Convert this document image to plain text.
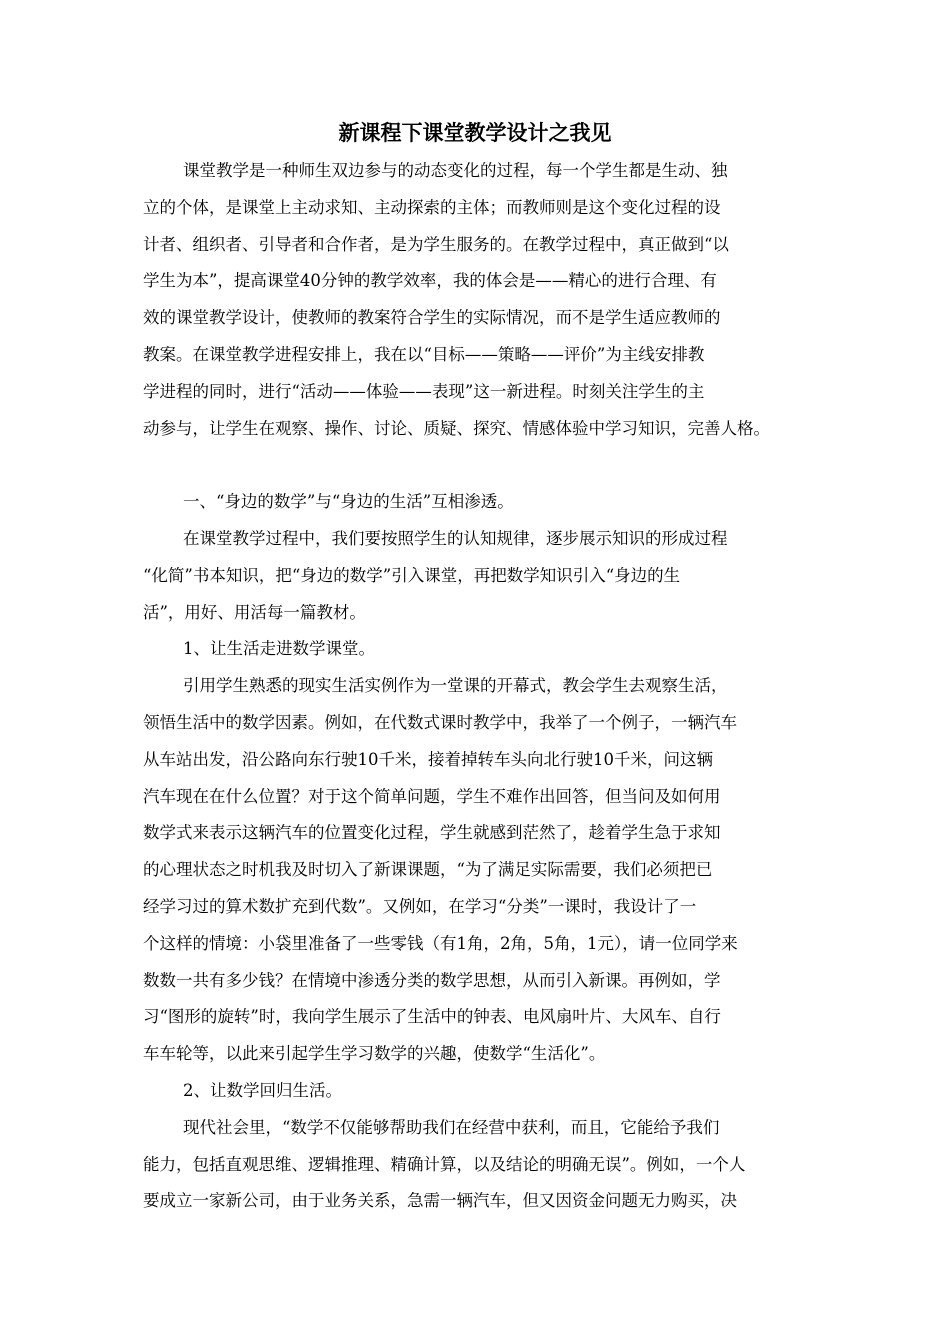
新课程下课堂教学设计之我见
课堂教学是一种师生双边参与的动态变化的过程，每一个学生都是生动、独
立的个体，是课堂上主动求知、主动探索的主体；而教师则是这个变化过程的设
计者、组织者、引导者和合作者，是为学生服务的。在教学过程中，真正做到“以
学生为本”，提高课堂40分钟的教学效率，我的体会是——精心的进行合理、有
效的课堂教学设计，使教师的教案符合学生的实际情况，而不是学生适应教师的
教案。在课堂教学进程安排上，我在以“目标——策略——评价”为主线安排教
学进程的同时，进行“活动——体验——表现”这一新进程。时刻关注学生的主
动参与，让学生在观察、操作、讨论、质疑、探究、情感体验中学习知识，完善人格。
一、“身边的数学”与“身边的生活”互相渗透。
在课堂教学过程中，我们要按照学生的认知规律，逐步展示知识的形成过程
“化简”书本知识，把“身边的数学”引入课堂，再把数学知识引入“身边的生
活”，用好、用活每一篇教材。
1、让生活走进数学课堂。
引用学生熟悉的现实生活实例作为一堂课的开幕式，教会学生去观察生活，
领悟生活中的数学因素。例如，在代数式课时教学中，我举了一个例子，一辆汽车
从车站出发，沿公路向东行驶10千米，接着掉转车头向北行驶10千米，问这辆
汽车现在在什么位置？对于这个简单问题，学生不难作出回答，但当问及如何用
数学式来表示这辆汽车的位置变化过程，学生就感到茫然了，趁着学生急于求知
的心理状态之时机我及时切入了新课课题，“为了满足实际需要，我们必须把已
经学习过的算术数扩充到代数”。又例如，在学习“分类”一课时，我设计了一
个这样的情境：小袋里准备了一些零钱（有1角，2角，5角，1元），请一位同学来
数数一共有多少钱？在情境中渗透分类的数学思想，从而引入新课。再例如，学
习“图形的旋转”时，我向学生展示了生活中的钟表、电风扇叶片、大风车、自行
车车轮等，以此来引起学生学习数学的兴趣，使数学“生活化”。
2、让数学回归生活。
现代社会里，“数学不仅能够帮助我们在经营中获利，而且，它能给予我们
能力，包括直观思维、逻辑推理、精确计算，以及结论的明确无误”。例如，一个人
要成立一家新公司，由于业务关系，急需一辆汽车，但又因资金问题无力购买，决
